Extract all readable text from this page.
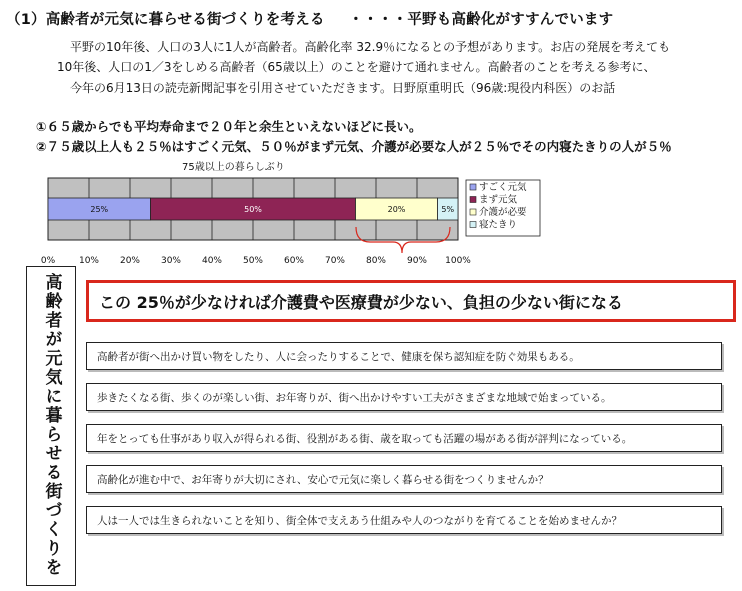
（1）高齢者が元気に暮らせる街づくりを考える ・・・・平野も高齢化がすすんでいます
平野の10年後、人口の3人に1人が高齢者。高齢化率 32.9％になるとの予想があります。お店の発展を考えても
10年後、人口の1／3をしめる高齢者（65歳以上）のことを避けて通れません。高齢者のことを考える参考に、
今年の6月13日の読売新聞記事を引用させていただきます。日野原重明氏（96歳:現役内科医）のお話
①６５歳からでも平均寿命まで２０年と余生といえないほどに長い。
②７５歳以上人も２５％はすごく元気、５０％がまず元気、介護が必要な人が２５％でその内寝たきりの人が５％
75歳以上の暮らしぶり
25%	50%	20%	5%
0%	10% 20% 30% 40% 50% 60% 70% 80% 90% 100%
すごく元気
まず元気
介護が必要
寝たきり
高齢者が元気に暮らせる街づくりを この 25％が少なければ介護費や医療費が少ない、負担の少ない街になる
高齢者が街へ出かけ買い物をしたり、人に会ったりすることで、健康を保ち認知症を防ぐ効果もある。
歩きたくなる街、歩くのが楽しい街、お年寄りが、街へ出かけやすい工夫がさまざまな地域で始まっている。
年をとっても仕事があり収入が得られる街、役割がある街、歳を取っても活躍の場がある街が評判になっている。
高齢化が進む中で、お年寄りが大切にされ、安心で元気に楽しく暮らせる街をつくりませんか？
人は一人では生きられないことを知り、街全体で支えあう仕組みや人のつながりを育てることを始めませんか？
